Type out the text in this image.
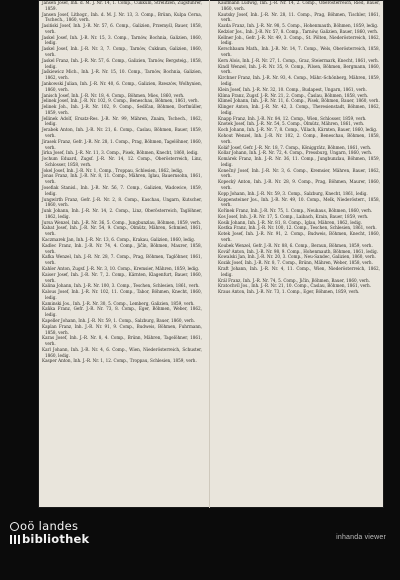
Jansen Josef, Inh. d. M. J. Nr. 14, 1. Comp., Cukkum, Strelitzen, Zugsführer, 1859.

Jansen Josef, Lithogr., Inh. d. M. J. Nr. 13, 3. Comp., Brünn, Kulpa Cerna, Tschech., 1860, verh.

Jasiński Josef, Inh. J.-R. Nr. 57, 6. Comp., Galizien, Przemyśl, Bauer, 1858, verh.

Jaskel Josef, Inh. J.-R. Nr. 15, 3. Comp., Tarnów, Bochnia, Galizien, 1860, ledig.

Jaskel Josef, Inh. J.-R. Nr. 3, 7. Comp., Tarnów, Cukkum, Galizien, 1860, verh.

Jaskel Franz, Inh. J.-R. Nr. 57, 6. Comp., Galizien, Tarnów, Bergsteig., 1858, ledig.

Jaśkiewicz Mich., Inh. J.-R. Nr. 15, 10. Comp., Tarnów, Bochnia, Galizien, 1862, verh.

Jankowski Julian, Inh. J.-R. Nr. 40, 6. Comp., Galizien, Rzeszów, Wolhynien, 1860, verh.

Janisch Josef, Inh. J.-R. Nr. 18, 4. Comp., Böhmen, Mies, 1860, verh.

Jelinek Josef, Inh. J.-R. Nr. 102, 9. Comp., Beneschau, Böhmen, 1861, verh.

Jelinek Joh., Inh. J.-R. Nr. 102, 9. Comp., Sedlčan, Böhmen, Dorfmüller, 1859, verh.

Jellinek Adolf, Ersatz-Res. J.-R. Nr. 99, Mähren, Znaim, Tschech., 1862, ledig.

Jerabek Anton, Inh. J.-R. Nr. 21, 6. Comp., Caslau, Böhmen, Bauer, 1859, verh.

Jirasek Franz, Gefr. J.-R. Nr. 28, 1. Comp., Prag, Böhmen, Tagelöhner, 1860, verh.

Jirka Josef, Inh. J.-R. Nr. 11, 3. Comp., Pisek, Böhmen, Knecht, 1860, ledig.

Jochum Eduard, Zugsf. J.-R. Nr. 14, 12. Comp., Oberösterreich, Linz, Schlosser, 1858, verh.

Jokel Josef, Inh. J.-R. Nr. 1, Comp., Troppau, Schlesien, 1862, ledig.

Jonas Franz, Inh. J.-R. Nr. 8, 11. Comp., Mähren, Iglau, Bauernsohn, 1861, verh.

Josefiak Stanisl., Inh. J.-R. Nr. 56, 7. Comp., Galizien, Wadowice, 1859, ledig.

Jungwirth Franz, Gefr. J.-R. Nr. 2, 8. Comp., Kaschau, Ungarn, Kutscher, 1860, verh.

Junk Johann, Inh. J.-R. Nr. 14, 2. Comp., Linz, Oberösterreich, Taglöhner, 1862, ledig.

Jursa Wenzel, Inh. J.-R. Nr. 36, 5. Comp., Jungbunzlau, Böhmen, 1859, verh.

Kabat Josef, Inh. J.-R. Nr. 54, 9. Comp., Olmütz, Mähren, Schmied, 1861, verh.

Kaczmarek Jan, Inh. J.-R. Nr. 13, 6. Comp., Krakau, Galizien, 1860, ledig.

Kadlec Franz, Inh. J.-R. Nr. 74, 4. Comp., Jičín, Böhmen, Maurer, 1858, verh.

Kafka Wenzel, Inh. J.-R. Nr. 28, 7. Comp., Prag, Böhmen, Taglöhner, 1861, verh.

Kahler Anton, Zugsf. J.-R. Nr. 3, 10. Comp., Kremsier, Mähren, 1859, ledig.

Kaiser Josef, Inh. J.-R. Nr. 7, 2. Comp., Kärnten, Klagenfurt, Bauer, 1860, verh.

Kalina Johann, Inh. J.-R. Nr. 100, 3. Comp., Teschen, Schlesien, 1861, verh.

Kalous Josef, Inh. J.-R. Nr. 102, 11. Comp., Tabor, Böhmen, Knecht, 1860, ledig.

Kaminski Jos., Inh. J.-R. Nr. 30, 5. Comp., Lemberg, Galizien, 1859, verh.

Kaňka Franz, Gefr. J.-R. Nr. 73, 8. Comp., Eger, Böhmen, Weber, 1862, ledig.

Kapeller Johann, Inh. J.-R. Nr. 59, 1. Comp., Salzburg, Bauer, 1860, verh.

Kaplan Franz, Inh. J.-R. Nr. 91, 9. Comp., Budweis, Böhmen, Fuhrmann, 1858, verh.

Karas Josef, Inh. J.-R. Nr. 8, 4. Comp., Brünn, Mähren, Tagelöhner, 1861, verh.

Karl Johann, Inh. J.-R. Nr. 4, 6. Comp., Wien, Niederösterreich, Schuster, 1860, ledig.

Kasper Anton, Inh. J.-R. Nr. 1, 12. Comp., Troppau, Schlesien, 1859, verh.

Kaufmann Ludwig, Inh. J.-R. Nr. 14, 2. Comp., Oberösterreich, Ried, Bauer, 1860, verh.

Kautsky Josef, Inh. J.-R. Nr. 28, 11. Comp., Prag, Böhmen, Tischler, 1861, verh.

Kazda Franz, Inh. J.-R. Nr. 98, 5. Comp., Hohenmauth, Böhmen, 1859, ledig.

Kedzior Jos., Inh. J.-R. Nr. 57, 8. Comp., Tarnów, Galizien, Bauer, 1860, verh.

Kellner Joh., Gefr. J.-R. Nr. 49, 3. Comp., St. Pölten, Niederösterreich, 1862, ledig.

Kerschbaum Math., Inh. J.-R. Nr. 14, 7. Comp., Wels, Oberösterreich, 1858, verh.

Kern Alois, Inh. J.-R. Nr. 27, 1. Comp., Graz, Steiermark, Knecht, 1861, verh.

Kindl Wenzel, Inh. J.-R. Nr. 35, 9. Comp., Pilsen, Böhmen, Bergmann, 1860, verh.

Kirchner Franz, Inh. J.-R. Nr. 93, 4. Comp., Mähr.-Schönberg, Mähren, 1859, ledig.

Klein Josef, Inh. J.-R. Nr. 32, 10. Comp., Budapest, Ungarn, 1861, verh.

Klíma Franz, Zugsf. J.-R. Nr. 21, 2. Comp., Časlau, Böhmen, 1858, verh.

Klimeš Johann, Inh. J.-R. Nr. 11, 6. Comp., Písek, Böhmen, Bauer, 1860, verh.

Klinger Anton, Inh. J.-R. Nr. 42, 3. Comp., Theresienstadt, Böhmen, 1862, ledig.

Knapp Franz, Inh. J.-R. Nr. 84, 12. Comp., Wien, Schlosser, 1859, verh.

Knotek Josef, Inh. J.-R. Nr. 54, 5. Comp., Olmütz, Mähren, 1861, verh.

Koch Johann, Inh. J.-R. Nr. 7, 8. Comp., Villach, Kärnten, Bauer, 1860, ledig.

Kohout Wenzel, Inh. J.-R. Nr. 102, 2. Comp., Beneschau, Böhmen, 1858, verh.

Kolář Josef, Gefr. J.-R. Nr. 18, 7. Comp., Königgrätz, Böhmen, 1861, verh.

Kollar Johann, Inh. J.-R. Nr. 72, 4. Comp., Pressburg, Ungarn, 1860, verh.

Komárek Franz, Inh. J.-R. Nr. 36, 11. Comp., Jungbunzlau, Böhmen, 1859, ledig.

Konečný Josef, Inh. J.-R. Nr. 3, 6. Comp., Kremsier, Mähren, Bauer, 1862, verh.

Kopecký Anton, Inh. J.-R. Nr. 28, 9. Comp., Prag, Böhmen, Maurer, 1860, verh.

Kopp Johann, Inh. J.-R. Nr. 59, 3. Comp., Salzburg, Knecht, 1861, ledig.

Koppensteiner Jos., Inh. J.-R. Nr. 49, 10. Comp., Melk, Niederösterr., 1858, verh.

Kořínek Franz, Inh. J.-R. Nr. 75, 1. Comp., Neuhaus, Böhmen, 1860, verh.

Kos Josef, Inh. J.-R. Nr. 17, 5. Comp., Laibach, Krain, Bauer, 1859, verh.

Kosík Johann, Inh. J.-R. Nr. 81, 8. Comp., Iglau, Mähren, 1862, ledig.

Kostka Franz, Inh. J.-R. Nr. 100, 12. Comp., Teschen, Schlesien, 1861, verh.

Kotek Josef, Inh. J.-R. Nr. 91, 2. Comp., Budweis, Böhmen, Knecht, 1860, verh.

Koubek Wenzel, Gefr. J.-R. Nr. 88, 6. Comp., Beraun, Böhmen, 1859, verh.

Kovář Anton, Inh. J.-R. Nr. 98, 9. Comp., Hohenmauth, Böhmen, 1861, ledig.

Kowalski Jan, Inh. J.-R. Nr. 20, 3. Comp., Neu-Sandec, Galizien, 1860, verh.

Kozák Josef, Inh. J.-R. Nr. 8, 7. Comp., Brünn, Mähren, Weber, 1858, verh.

Kraft Johann, Inh. J.-R. Nr. 4, 11. Comp., Wien, Niederösterreich, 1862, ledig.

Král Franz, Inh. J.-R. Nr. 74, 5. Comp., Jičín, Böhmen, Bauer, 1860, verh.

Kratochvíl Jos., Inh. J.-R. Nr. 21, 10. Comp., Časlau, Böhmen, 1861, verh.

Kraus Anton, Inh. J.-R. Nr. 73, 1. Comp., Eger, Böhmen, 1859, verh.

oö landes
bibliothek	inhanda viewer
